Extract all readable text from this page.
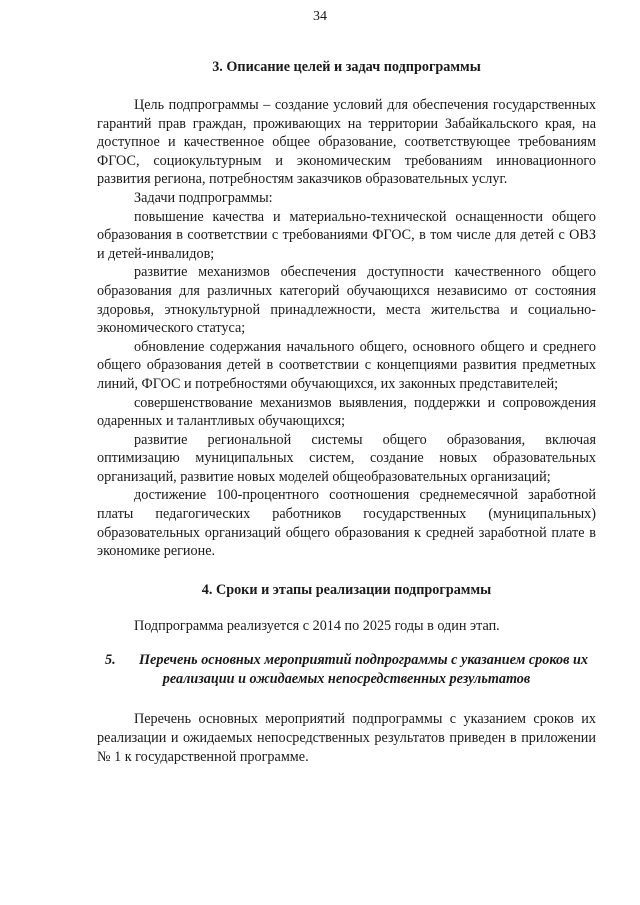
34
3. Описание целей и задач подпрограммы

Цель подпрограммы – создание условий для обеспечения государственных гарантий прав граждан, проживающих на территории Забайкальского края, на доступное и качественное общее образование, соответствующее требованиям ФГОС, социокультурным и экономическим требованиям инновационного развития региона, потребностям заказчиков образовательных услуг.

Задачи подпрограммы:

повышение качества и материально-технической оснащенности общего образования в соответствии с требованиями ФГОС, в том числе для детей с ОВЗ и детей-инвалидов;

развитие механизмов обеспечения доступности качественного общего образования для различных категорий обучающихся независимо от состояния здоровья, этнокультурной принадлежности, места жительства и социально-экономического статуса;

обновление содержания начального общего, основного общего и среднего общего образования детей в соответствии с концепциями развития предметных линий, ФГОС и потребностями обучающихся, их законных представителей;

совершенствование механизмов выявления, поддержки и сопровождения одаренных и талантливых обучающихся;

развитие региональной системы общего образования, включая оптимизацию муниципальных систем, создание новых образовательных организаций, развитие новых моделей общеобразовательных организаций;

достижение 100-процентного соотношения среднемесячной заработной платы педагогических работников государственных (муниципальных) образовательных организаций общего образования к средней заработной плате в экономике регионе.

4. Сроки и этапы реализации подпрограммы

Подпрограмма реализуется с 2014 по 2025 годы в один этап.

5. Перечень основных мероприятий подпрограммы с указанием сроков их реализации и ожидаемых непосредственных результатов

Перечень основных мероприятий подпрограммы с указанием сроков их реализации и ожидаемых непосредственных результатов приведен в приложении № 1 к государственной программе.
